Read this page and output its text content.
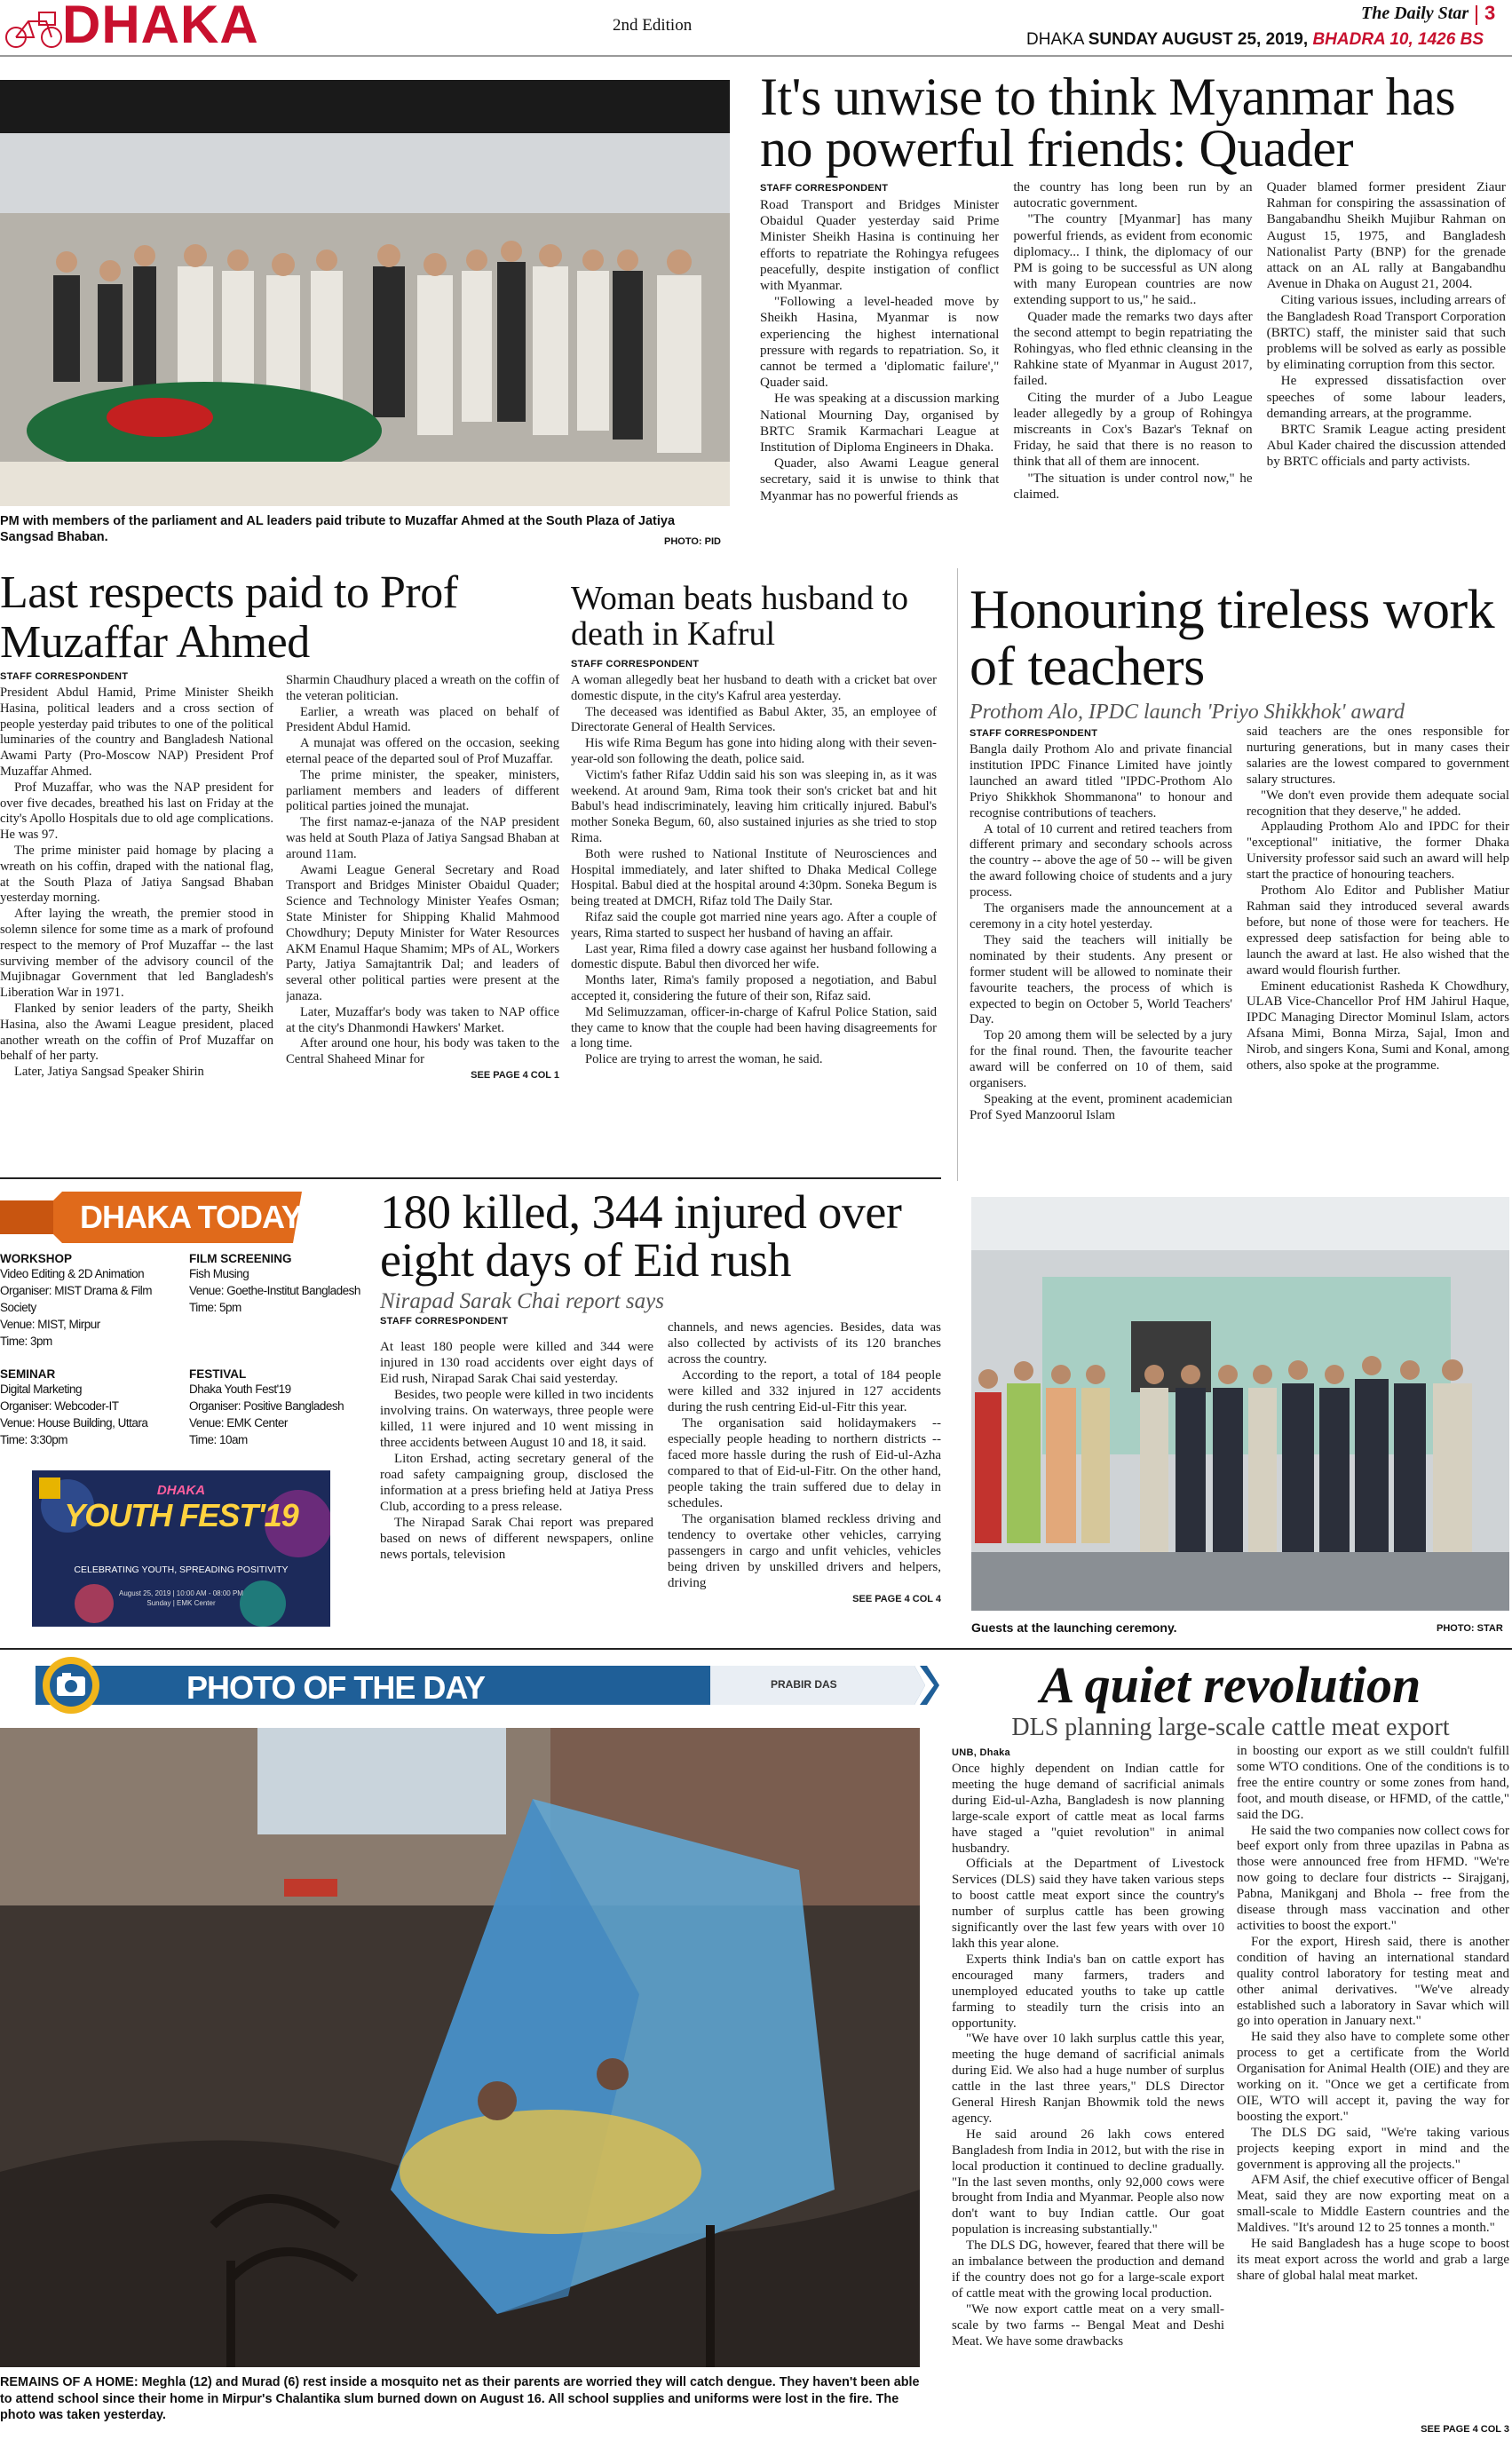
DHAKA	2nd Edition
The Daily Star 3
DHAKA SUNDAY AUGUST 25, 2019, BHADRA 10, 1426 BS
PM with members of the parliament and AL leaders paid tribute to Muzaffar Ahmed at the South Plaza of Jatiya Sangsad Bhaban.	PHOTO: PID
It's unwise to think Myanmar has no powerful friends: Quader
STAFF CORRESPONDENT

Road Transport and Bridges Minister Obaidul Quader yesterday said Prime Minister Sheikh Hasina is continuing her efforts to repatriate the Rohingya refugees peacefully, despite instigation of conflict with Myanmar.

"Following a level-headed move by Sheikh Hasina, Myanmar is now experiencing the highest international pressure with regards to repatriation. So, it cannot be termed a 'diplomatic failure'," Quader said.

He was speaking at a discussion marking National Mourning Day, organised by BRTC Sramik Karmachari League at Institution of Diploma Engineers in Dhaka.

Quader, also Awami League general secretary, said it is unwise to think that Myanmar has no powerful friends as

the country has long been run by an autocratic government.

"The country [Myanmar] has many powerful friends, as evident from economic diplomacy... I think, the diplomacy of our PM is going to be successful as UN along with many European countries are now extending support to us," he said..

Quader made the remarks two days after the second attempt to begin repatriating the Rohingyas, who fled ethnic cleansing in the Rahkine state of Myanmar in August 2017, failed.

Citing the murder of a Jubo League leader allegedly by a group of Rohingya miscreants in Cox's Bazar's Teknaf on Friday, he said that there is no reason to think that all of them are innocent.

"The situation is under control now," he claimed.

Quader blamed former president Ziaur Rahman for conspiring the assassination of Bangabandhu Sheikh Mujibur Rahman on August 15, 1975, and Bangladesh Nationalist Party (BNP) for the grenade attack on an AL rally at Bangabandhu Avenue in Dhaka on August 21, 2004.

Citing various issues, including arrears of the Bangladesh Road Transport Corporation (BRTC) staff, the minister said that such problems will be solved as early as possible by eliminating corruption from this sector.

He expressed dissatisfaction over speeches of some labour leaders, demanding arrears, at the programme.

BRTC Sramik League acting president Abul Kader chaired the discussion attended by BRTC officials and party activists.

Last respects paid to Prof Muzaffar Ahmed
STAFF CORRESPONDENT

President Abdul Hamid, Prime Minister Sheikh Hasina, political leaders and a cross section of people yesterday paid tributes to one of the political luminaries of the country and Bangladesh National Awami Party (Pro-Moscow NAP) President Prof Muzaffar Ahmed.

Prof Muzaffar, who was the NAP president for over five decades, breathed his last on Friday at the city's Apollo Hospitals due to old age complications. He was 97.

The prime minister paid homage by placing a wreath on his coffin, draped with the national flag, at the South Plaza of Jatiya Sangsad Bhaban yesterday morning.

After laying the wreath, the premier stood in solemn silence for some time as a mark of profound respect to the memory of Prof Muzaffar -- the last surviving member of the advisory council of the Mujibnagar Government that led Bangladesh's Liberation War in 1971.

Flanked by senior leaders of the party, Sheikh Hasina, also the Awami League president, placed another wreath on the coffin of Prof Muzaffar on behalf of her party.

Later, Jatiya Sangsad Speaker Shirin

Sharmin Chaudhury placed a wreath on the coffin of the veteran politician.

Earlier, a wreath was placed on behalf of President Abdul Hamid.

A munajat was offered on the occasion, seeking eternal peace of the departed soul of Prof Muzaffar.

The prime minister, the speaker, ministers, parliament members and leaders of different political parties joined the munajat.

The first namaz-e-janaza of the NAP president was held at South Plaza of Jatiya Sangsad Bhaban at around 11am.

Awami League General Secretary and Road Transport and Bridges Minister Obaidul Quader; Science and Technology Minister Yeafes Osman; State Minister for Shipping Khalid Mahmood Chowdhury; Deputy Minister for Water Resources AKM Enamul Haque Shamim; MPs of AL, Workers Party, Jatiya Samajtantrik Dal; and leaders of several other political parties were present at the janaza.

Later, Muzaffar's body was taken to NAP office at the city's Dhanmondi Hawkers' Market.

After around one hour, his body was taken to the Central Shaheed Minar for

SEE PAGE 4 COL 1
Woman beats husband to death in Kafrul
STAFF CORRESPONDENT

A woman allegedly beat her husband to death with a cricket bat over domestic dispute, in the city's Kafrul area yesterday.

The deceased was identified as Babul Akter, 35, an employee of Directorate General of Health Services.

His wife Rima Begum has gone into hiding along with their seven-year-old son following the death, police said.

Victim's father Rifaz Uddin said his son was sleeping in, as it was weekend. At around 9am, Rima took their son's cricket bat and hit Babul's head indiscriminately, leaving him critically injured. Babul's mother Soneka Begum, 60, also sustained injuries as she tried to stop Rima.

Both were rushed to National Institute of Neurosciences and Hospital immediately, and later shifted to Dhaka Medical College Hospital. Babul died at the hospital around 4:30pm. Soneka Begum is being treated at DMCH, Rifaz told The Daily Star.

Rifaz said the couple got married nine years ago. After a couple of years, Rima started to suspect her husband of having an affair.

Last year, Rima filed a dowry case against her husband following a domestic dispute. Babul then divorced her wife.

Months later, Rima's family proposed a negotiation, and Babul accepted it, considering the future of their son, Rifaz said.

Md Selimuzzaman, officer-in-charge of Kafrul Police Station, said they came to know that the couple had been having disagreements for a long time.

Police are trying to arrest the woman, he said.

Honouring tireless work of teachers
Prothom Alo, IPDC launch 'Priyo Shikkhok' award
STAFF CORRESPONDENT

Bangla daily Prothom Alo and private financial institution IPDC Finance Limited have jointly launched an award titled "IPDC-Prothom Alo Priyo Shikkhok Shommanona" to honour and recognise contributions of teachers.

A total of 10 current and retired teachers from different primary and secondary schools across the country -- above the age of 50 -- will be given the award following choice of students and a jury process.

The organisers made the announcement at a ceremony in a city hotel yesterday.

They said the teachers will initially be nominated by their students. Any present or former student will be allowed to nominate their favourite teachers, the process of which is expected to begin on October 5, World Teachers' Day.

Top 20 among them will be selected by a jury for the final round. Then, the favourite teacher award will be conferred on 10 of them, said organisers.

Speaking at the event, prominent academician Prof Syed Manzoorul Islam

said teachers are the ones responsible for nurturing generations, but in many cases their salaries are the lowest compared to government salary structures.

"We don't even provide them adequate social recognition that they deserve," he added.

Applauding Prothom Alo and IPDC for their "exceptional" initiative, the former Dhaka University professor said such an award will help start the practice of honouring teachers.

Prothom Alo Editor and Publisher Matiur Rahman said they introduced several awards before, but none of those were for teachers. He expressed deep satisfaction for being able to launch the award at last. He also wished that the award would flourish further.

Eminent educationist Rasheda K Chowdhury, ULAB Vice-Chancellor Prof HM Jahirul Haque, IPDC Managing Director Mominul Islam, actors Afsana Mimi, Bonna Mirza, Sajal, Imon and Nirob, and singers Kona, Sumi and Konal, among others, also spoke at the programme.

Guests at the launching ceremony.	PHOTO: STAR
DHAKA TODAY
WORKSHOP
Video Editing & 2D Animation
Organiser: MIST Drama & Film Society
Venue: MIST, Mirpur
Time: 3pm
FILM SCREENING
Fish Musing
Venue: Goethe-Institut Bangladesh
Time: 5pm
SEMINAR
Digital Marketing
Organiser: Webcoder-IT
Venue: House Building, Uttara
Time: 3:30pm
FESTIVAL
Dhaka Youth Fest'19
Organiser: Positive Bangladesh
Venue: EMK Center
Time: 10am
DHAKA
YOUTH FEST'19
CELEBRATING YOUTH, SPREADING POSITIVITY
August 25, 2019 | 10:00 AM - 08:00 PM
Sunday | EMK Center
180 killed, 344 injured over eight days of Eid rush
Nirapad Sarak Chai report says
STAFF CORRESPONDENT

At least 180 people were killed and 344 were injured in 130 road accidents over eight days of Eid rush, Nirapad Sarak Chai said yesterday.

Besides, two people were killed in two incidents involving trains. On waterways, three people were killed, 11 were injured and 10 went missing in three accidents between August 10 and 18, it said.

Liton Ershad, acting secretary general of the road safety campaigning group, disclosed the information at a press briefing held at Jatiya Press Club, according to a press release.

The Nirapad Sarak Chai report was prepared based on news of different newspapers, online news portals, television

channels, and news agencies. Besides, data was also collected by activists of its 120 branches across the country.

According to the report, a total of 184 people were killed and 332 injured in 127 accidents during the rush centring Eid-ul-Fitr this year.

The organisation said holidaymakers -- especially people heading to northern districts -- faced more hassle during the rush of Eid-ul-Azha compared to that of Eid-ul-Fitr. On the other hand, people taking the train suffered due to delay in schedules.

The organisation blamed reckless driving and tendency to overtake other vehicles, carrying passengers in cargo and unfit vehicles, vehicles being driven by unskilled drivers and helpers, driving

SEE PAGE 4 COL 4
PHOTO OF THE DAY	PRABIR DAS
REMAINS OF A HOME: Meghla (12) and Murad (6) rest inside a mosquito net as their parents are worried they will catch dengue. They haven't been able to attend school since their home in Mirpur's Chalantika slum burned down on August 16. All school supplies and uniforms were lost in the fire. The photo was taken yesterday.
A quiet revolution
DLS planning large-scale cattle meat export
UNB, Dhaka

Once highly dependent on Indian cattle for meeting the huge demand of sacrificial animals during Eid-ul-Azha, Bangladesh is now planning large-scale export of cattle meat as local farms have staged a "quiet revolution" in animal husbandry.

Officials at the Department of Livestock Services (DLS) said they have taken various steps to boost cattle meat export since the country's number of surplus cattle has been growing significantly over the last few years with over 10 lakh this year alone.

Experts think India's ban on cattle export has encouraged many farmers, traders and unemployed educated youths to take up cattle farming to steadily turn the crisis into an opportunity.

"We have over 10 lakh surplus cattle this year, meeting the huge demand of sacrificial animals during Eid. We also had a huge number of surplus cattle in the last three years," DLS Director General Hiresh Ranjan Bhowmik told the news agency.

He said around 26 lakh cows entered Bangladesh from India in 2012, but with the rise in local production it continued to decline gradually. "In the last seven months, only 92,000 cows were brought from India and Myanmar. People also now don't want to buy Indian cattle. Our goat population is increasing substantially."

The DLS DG, however, feared that there will be an imbalance between the production and demand if the country does not go for a large-scale export of cattle meat with the growing local production.

"We now export cattle meat on a very small-scale by two farms -- Bengal Meat and Deshi Meat. We have some drawbacks

in boosting our export as we still couldn't fulfill some WTO conditions. One of the conditions is to free the entire country or some zones from hand, foot, and mouth disease, or HFMD, of the cattle," said the DG.

He said the two companies now collect cows for beef export only from three upazilas in Pabna as those were announced free from HFMD. "We're now going to declare four districts -- Sirajganj, Pabna, Manikganj and Bhola -- free from the disease through mass vaccination and other activities to boost the export."

For the export, Hiresh said, there is another condition of having an international standard quality control laboratory for testing meat and other animal derivatives. "We've already established such a laboratory in Savar which will go into operation in January next."

He said they also have to complete some other process to get a certificate from the World Organisation for Animal Health (OIE) and they are working on it. "Once we get a certificate from OIE, WTO will accept it, paving the way for boosting the export."

The DLS DG said, "We're taking various projects keeping export in mind and the government is approving all the projects."

AFM Asif, the chief executive officer of Bengal Meat, said they are now exporting meat on a small-scale to Middle Eastern countries and the Maldives. "It's around 12 to 25 tonnes a month."

He said Bangladesh has a huge scope to boost its meat export across the world and grab a large share of global halal meat market.

SEE PAGE 4 COL 3
